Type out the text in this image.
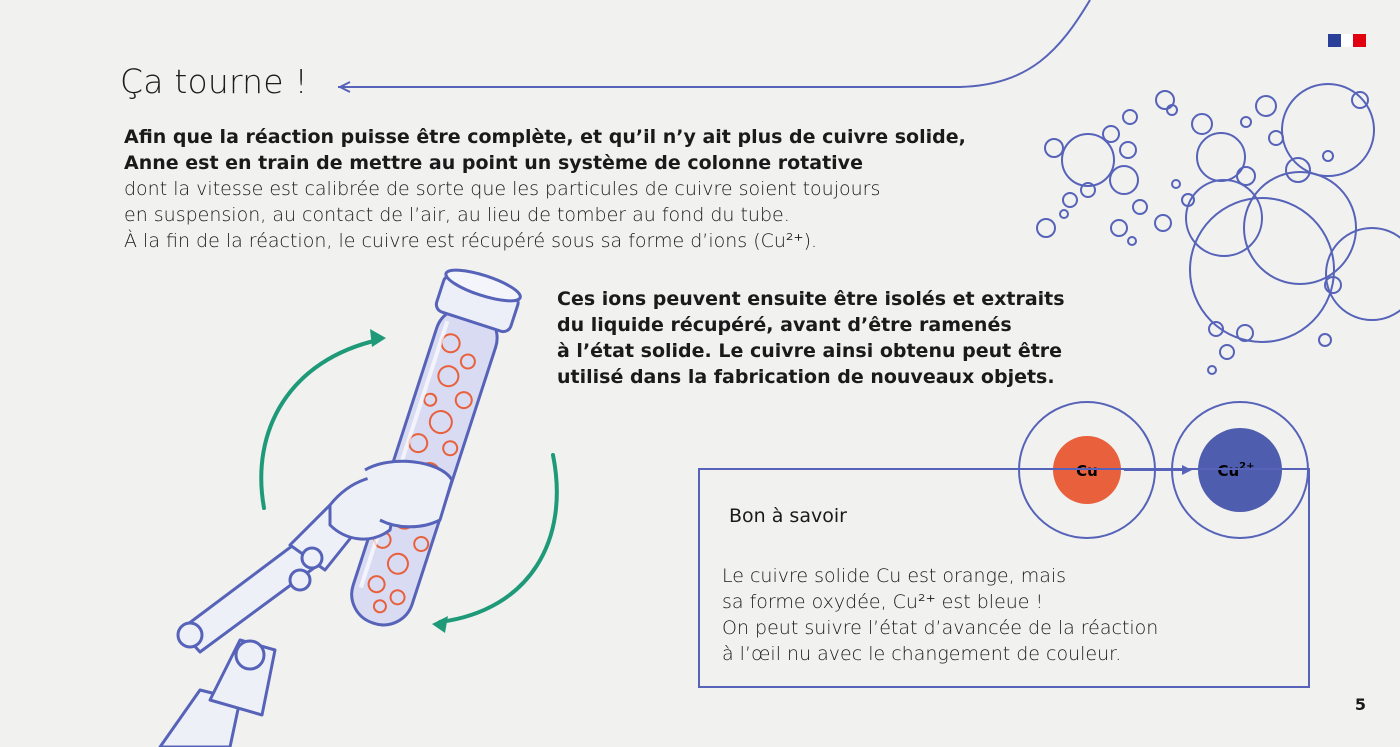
Cu	$Cu^{2+}$
Ça tourne !
Afin que la réaction puisse être complète, et qu’il n’y ait plus de cuivre solide,
Anne est en train de mettre au point un système de colonne rotative
dont la vitesse est calibrée de sorte que les particules de cuivre soient toujours
en suspension, au contact de l’air, au lieu de tomber au fond du tube.
À la fin de la réaction, le cuivre est récupéré sous sa forme d’ions (Cu²⁺).
Ces ions peuvent ensuite être isolés et extraits
du liquide récupéré, avant d’être ramenés
à l’état solide. Le cuivre ainsi obtenu peut être
utilisé dans la fabrication de nouveaux objets.
Bon à savoir
Le cuivre solide Cu est orange, mais
sa forme oxydée, Cu²⁺ est bleue !
On peut suivre l’état d’avancée de la réaction
à l’œil nu avec le changement de couleur.
5
